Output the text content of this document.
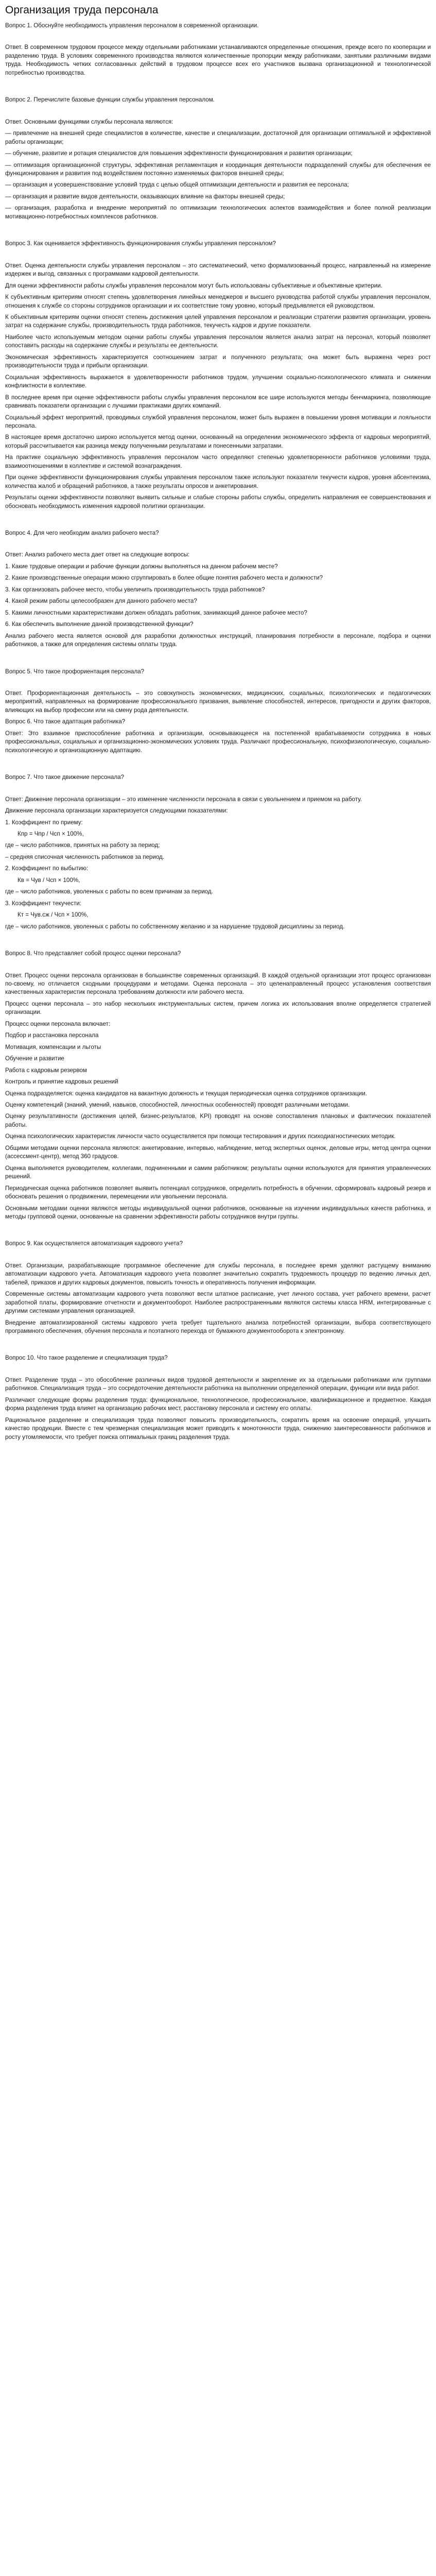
Организация труда персонала

Вопрос 1. Обоснуйте необходимость управления персоналом в современной организации.

Ответ. В современном трудовом процессе между отдельными работниками устанавливаются определенные отношения, прежде всего по кооперации и разделению труда. В условиях современного производства являются количественные пропорции между работниками, занятыми различными видами труда. Необходимость четких согласованных действий в трудовом процессе всех его участников вызвана организационной и технологической потребностью производства.

Вопрос 2. Перечислите базовые функции службы управления персоналом.

Ответ. Основными функциями службы персонала являются:

— привлечение на внешней среде специалистов в количестве, качестве и специализации, достаточной для организации оптимальной и эффективной работы организации;

— обучение, развитие и ротация специалистов для повышения эффективности функционирования и развития организации;

— оптимизация организационной структуры, эффективная регламентация и координация деятельности подразделений службы для обеспечения ее функционирования и развития под воздействием постоянно изменяемых факторов внешней среды;

— организация и усовершенствование условий труда с целью общей оптимизации деятельности и развития ее персонала;

— организация и развитие видов деятельности, оказывающих влияние на факторы внешней среды;

— организация, разработка и внедрение мероприятий по оптимизации технологических аспектов взаимодействия и более полной реализации мотивационно-потребностных комплексов работников.

Вопрос 3. Как оценивается эффективность функционирования службы управления персоналом?

Ответ. Оценка деятельности службы управления персоналом – это систематический, четко формализованный процесс, направленный на измерение издержек и выгод, связанных с программами кадровой деятельности.

Для оценки эффективности работы службы управления персоналом могут быть использованы субъективные и объективные критерии.

К субъективным критериям относят степень удовлетворения линейных менеджеров и высшего руководства работой службы управления персоналом, отношения к службе со стороны сотрудников организации и их соответствие тому уровню, который предъявляется ей руководством.

К объективным критериям оценки относят степень достижения целей управления персоналом и реализации стратегии развития организации, уровень затрат на содержание службы, производительность труда работников, текучесть кадров и другие показатели.

Наиболее часто используемым методом оценки работы службы управления персоналом является анализ затрат на персонал, который позволяет сопоставить расходы на содержание службы и результаты ее деятельности.

Экономическая эффективность характеризуется соотношением затрат и полученного результата; она может быть выражена через рост производительности труда и прибыли организации.

Социальная эффективность выражается в удовлетворенности работников трудом, улучшении социально-психологического климата и снижении конфликтности в коллективе.

В последнее время при оценке эффективности работы службы управления персоналом все шире используются методы бенчмаркинга, позволяющие сравнивать показатели организации с лучшими практиками других компаний.

Социальный эффект мероприятий, проводимых службой управления персоналом, может быть выражен в повышении уровня мотивации и лояльности персонала.

В настоящее время достаточно широко используется метод оценки, основанный на определении экономического эффекта от кадровых мероприятий, который рассчитывается как разница между полученными результатами и понесенными затратами.

На практике социальную эффективность управления персоналом часто определяют степенью удовлетворенности работников условиями труда, взаимоотношениями в коллективе и системой вознаграждения.

При оценке эффективности функционирования службы управления персоналом также используют показатели текучести кадров, уровня абсентеизма, количества жалоб и обращений работников, а также результаты опросов и анкетирования.

Результаты оценки эффективности позволяют выявить сильные и слабые стороны работы службы, определить направления ее совершенствования и обосновать необходимость изменения кадровой политики организации.

Вопрос 4. Для чего необходим анализ рабочего места?

Ответ: Анализ рабочего места дает ответ на следующие вопросы:

1. Какие трудовые операции и рабочие функции должны выполняться на данном рабочем месте?

2. Какие производственные операции можно сгруппировать в более общие понятия рабочего места и должности?

3. Как организовать рабочее место, чтобы увеличить производительность труда работников?

4. Какой режим работы целесообразен для данного рабочего места?

5. Какими личностными характеристиками должен обладать работник, занимающий данное рабочее место?

6. Как обеспечить выполнение данной производственной функции?

Анализ рабочего места является основой для разработки должностных инструкций, планирования потребности в персонале, подбора и оценки работников, а также для определения системы оплаты труда.

Вопрос 5. Что такое профориентация персонала?

Ответ. Профориентационная деятельность – это совокупность экономических, медицинских, социальных, психологических и педагогических мероприятий, направленных на формирование профессионального призвания, выявление способностей, интересов, пригодности и других факторов, влияющих на выбор профессии или на смену рода деятельности.

Вопрос 6. Что такое адаптация работника?

Ответ: Это взаимное приспособление работника и организации, основывающееся на постепенной врабатываемости сотрудника в новых профессиональных, социальных и организационно-экономических условиях труда. Различают профессиональную, психофизиологическую, социально-психологическую и организационную адаптацию.

Вопрос 7. Что такое движение персонала?

Ответ: Движение персонала организации – это изменение численности персонала в связи с увольнением и приемом на работу.

Движение персонала организации характеризуется следующими показателями:

1. Коэффициент по приему:

Кпр = Чпр / Чсп × 100%,

где – число работников, принятых на работу за период;

– средняя списочная численность работников за период.

2. Коэффициент по выбытию:

Кв = Чув / Чсп × 100%,

где – число работников, уволенных с работы по всем причинам за период.

3. Коэффициент текучести:

Кт = Чув.сж / Чсп × 100%,

где – число работников, уволенных с работы по собственному желанию и за нарушение трудовой дисциплины за период.

Вопрос 8. Что представляет собой процесс оценки персонала?

Ответ. Процесс оценки персонала организован в большинстве современных организаций. В каждой отдельной организации этот процесс организован по-своему, но отличается сходными процедурами и методами. Оценка персонала – это целенаправленный процесс установления соответствия качественных характеристик персонала требованиям должности или рабочего места.

Процесс оценки персонала – это набор нескольких инструментальных систем, причем логика их использования вполне определяется стратегией организации.

Процесс оценки персонала включает:

Подбор и расстановка персонала

Мотивация, компенсации и льготы

Обучение и развитие

Работа с кадровым резервом

Контроль и принятие кадровых решений

Оценка подразделяется: оценка кандидатов на вакантную должность и текущая периодическая оценка сотрудников организации.

Оценку компетенций (знаний, умений, навыков, способностей, личностных особенностей) проводят различными методами.

Оценку результативности (достижения целей, бизнес-результатов, KPI) проводят на основе сопоставления плановых и фактических показателей работы.

Оценка психологических характеристик личности часто осуществляется при помощи тестирования и других психодиагностических методик.

Общими методами оценки персонала являются: анкетирование, интервью, наблюдение, метод экспертных оценок, деловые игры, метод центра оценки (ассессмент-центр), метод 360 градусов.

Оценка выполняется руководителем, коллегами, подчиненными и самим работником; результаты оценки используются для принятия управленческих решений.

Периодическая оценка работников позволяет выявить потенциал сотрудников, определить потребность в обучении, сформировать кадровый резерв и обосновать решения о продвижении, перемещении или увольнении персонала.

Основными методами оценки являются методы индивидуальной оценки работников, основанные на изучении индивидуальных качеств работника, и методы групповой оценки, основанные на сравнении эффективности работы сотрудников внутри группы.

Вопрос 9. Как осуществляется автоматизация кадрового учета?

Ответ. Организации, разрабатывающие программное обеспечение для службы персонала, в последнее время уделяют растущему вниманию автоматизации кадрового учета. Автоматизация кадрового учета позволяет значительно сократить трудоемкость процедур по ведению личных дел, табелей, приказов и других кадровых документов, повысить точность и оперативность получения информации.

Современные системы автоматизации кадрового учета позволяют вести штатное расписание, учет личного состава, учет рабочего времени, расчет заработной платы, формирование отчетности и документооборот. Наиболее распространенными являются системы класса HRM, интегрированные с другими системами управления организацией.

Внедрение автоматизированной системы кадрового учета требует тщательного анализа потребностей организации, выбора соответствующего программного обеспечения, обучения персонала и поэтапного перехода от бумажного документооборота к электронному.

Вопрос 10. Что такое разделение и специализация труда?

Ответ. Разделение труда – это обособление различных видов трудовой деятельности и закрепление их за отдельными работниками или группами работников. Специализация труда – это сосредоточение деятельности работника на выполнении определенной операции, функции или вида работ.

Различают следующие формы разделения труда: функциональное, технологическое, профессиональное, квалификационное и предметное. Каждая форма разделения труда влияет на организацию рабочих мест, расстановку персонала и систему его оплаты.

Рациональное разделение и специализация труда позволяют повысить производительность, сократить время на освоение операций, улучшить качество продукции. Вместе с тем чрезмерная специализация может приводить к монотонности труда, снижению заинтересованности работников и росту утомляемости, что требует поиска оптимальных границ разделения труда.
